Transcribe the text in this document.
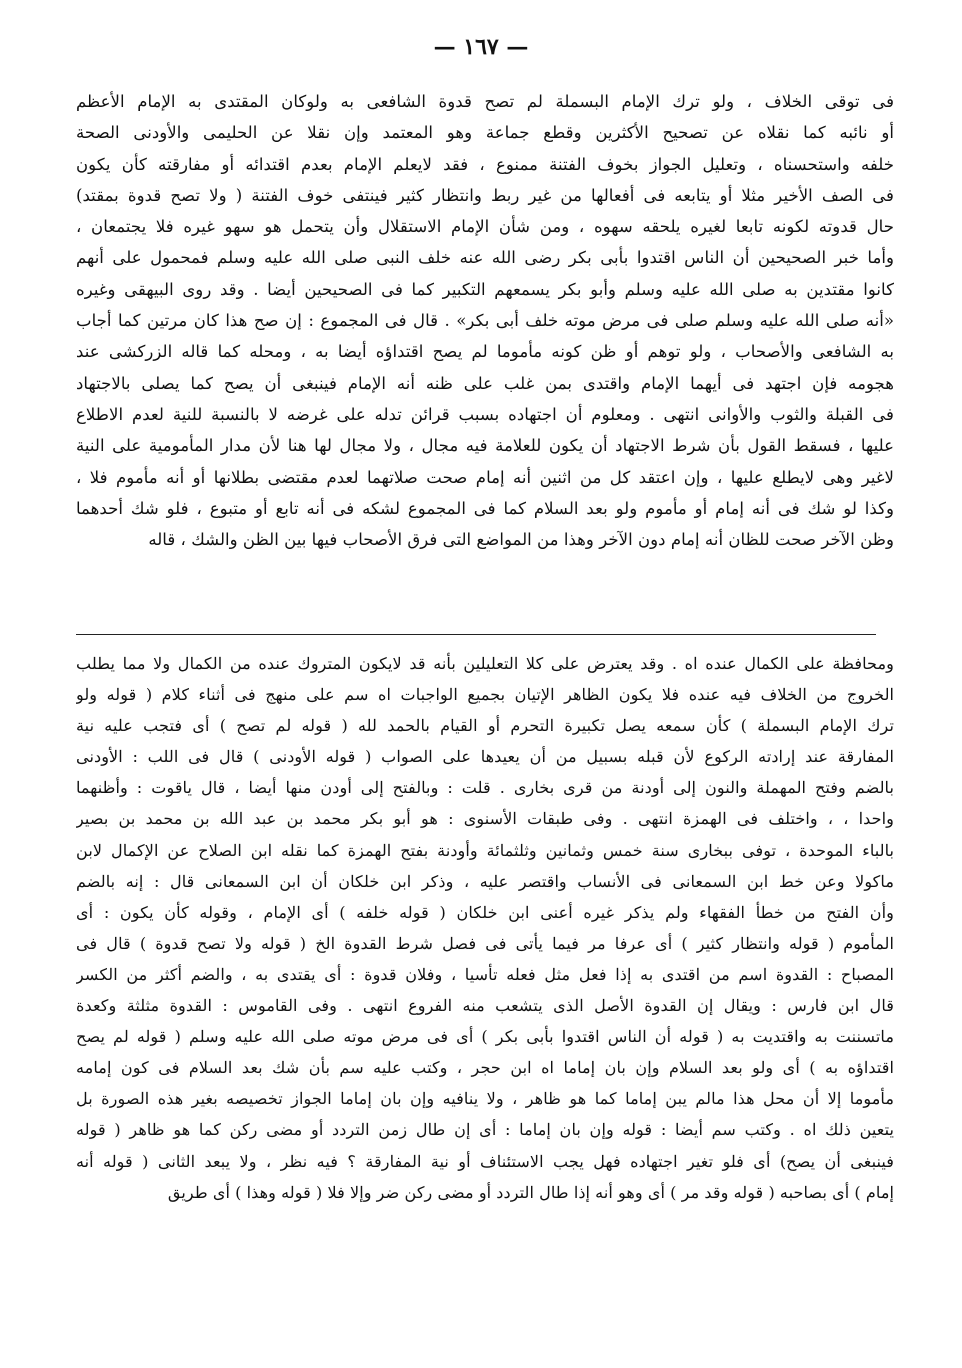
— ١٦٧ —
فى توقى الخلاف ، ولو ترك الإمام البسملة لم تصح قدوة الشافعى به ولوكان المقتدى به الإمام الأعظم
أو نائبه كما نقلاه عن تصحيح الأكثرين وقطع جماعة وهو المعتمد وإن نقلا عن الحليمى والأودنى الصحة
خلفه واستحسناه ، وتعليل الجواز بخوف الفتنة ممنوع ، فقد لايعلم الإمام بعدم اقتدائه أو مفارقته كأن يكون
فى الصف الأخير مثلا أو يتابعه فى أفعالها من غير ربط وانتظار كثير فينتفى خوف الفتنة ( ولا تصح قدوة بمقتد)
حال قدوته لكونه تابعا لغيره يلحقه سهوه ، ومن شأن الإمام الاستقلال وأن يتحمل هو سهو غيره فلا يجتمعان ،
وأما خبر الصحيحين أن الناس اقتدوا بأبى بكر رضى الله عنه خلف النبى صلى الله عليه وسلم فمحمول على أنهم
كانوا مقتدين به صلى الله عليه وسلم وأبو بكر يسمعهم التكبير كما فى الصحيحين أيضا . وقد روى البيهقى وغيره
«أنه صلى الله عليه وسلم صلى فى مرض موته خلف أبى بكر» . قال فى المجموع : إن صح هذا كان مرتين كما أجاب
به الشافعى والأصحاب ، ولو توهم أو ظن كونه مأموما لم يصح اقتداؤه أيضا به ، ومحله كما قاله الزركشى عند
هجومه فإن اجتهد فى أيهما الإمام واقتدى بمن غلب على ظنه أنه الإمام فينبغى أن يصح كما يصلى بالاجتهاد
فى القبلة والثوب والأوانى انتهى . ومعلوم أن اجتهاده بسبب قرائن تدله على غرضه لا بالنسبة للنية لعدم الاطلاع
عليها ، فسقط القول بأن شرط الاجتهاد أن يكون للعلامة فيه مجال ، ولا مجال لها هنا لأن مدار المأمومية على النية
لاغير وهى لايطلع عليها ، وإن اعتقد كل من اثنين أنه إمام صحت صلاتهما لعدم مقتضى بطلانها أو أنه مأموم فلا ،
وكذا لو شك فى أنه إمام أو مأموم ولو بعد السلام كما فى المجموع لشكه فى أنه تابع أو متبوع ، فلو شك أحدهما
وظن الآخر صحت للظان أنه إمام دون الآخر وهذا من المواضع التى فرق الأصحاب فيها بين الظن والشك ، قاله
ومحافظة على الكمال عنده اه . وقد يعترض على كلا التعليلين بأنه قد لايكون المتروك عنده من الكمال ولا مما يطلب
الخروج من الخلاف فيه عنده فلا يكون الظاهر الإتيان بجميع الواجبات اه سم على منهج فى أثناء كلام ( قوله ولو
ترك الإمام البسملة ) كأن سمعه يصل تكبيرة التحرم أو القيام بالحمد لله ( قوله لم تصح ) أى فتجب عليه نية
المفارقة عند إرادته الركوع لأن قبله بسبيل من أن يعيدها على الصواب ( قوله الأودنى ) قال فى اللب : الأودنى
بالضم وفتح المهملة والنون إلى أودنة من قرى بخارى . قلت : وبالفتح إلى أودن منها أيضا ، قال ياقوت : وأظنهما
واحدا ، ، واختلف فى الهمزة انتهى . وفى طبقات الأسنوى : هو أبو بكر محمد بن عبد الله بن محمد بن بصير
بالباء الموحدة ، توفى ببخارى سنة خمس وثمانين وثلثمائة وأودنة بفتح الهمزة كما نقله ابن الصلاح عن الإكمال لابن
ماكولا وعن خط ابن السمعانى فى الأنساب واقتصر عليه ، وذكر ابن خلكان أن ابن السمعانى قال : إنه بالضم
وأن الفتح من خطأ الفقهاء ولم يذكر غيره أعنى ابن خلكان ( قوله خلفه ) أى الإمام ، وقوله كأن يكون : أى
المأموم ( قوله وانتظار كثير ) أى عرفا مر فيما يأتى فى فصل شرط القدوة الخ ( قوله ولا تصح قدوة ) قال فى
المصباح : القدوة اسم من اقتدى به إذا فعل مثل فعله تأسيا ، وفلان قدوة : أى يقتدى به ، والضم أكثر من الكسر
قال ابن فارس : ويقال إن القدوة الأصل الذى يتشعب منه الفروع انتهى . وفى القاموس : القدوة مثلثة وكعدة
ماتسننت به واقتديت به ( قوله أن الناس اقتدوا بأبى بكر ) أى فى مرض موته صلى الله عليه وسلم ( قوله لم يصح
اقتداؤه به ) أى ولو بعد السلام وإن بان إماما اه ابن حجر ، وكتب عليه سم بأن شك بعد السلام فى كون إمامه
مأموما إلا أن محل هذا مالم يبن إماما كما هو ظاهر ، ولا ينافيه وإن بان إماما الجواز تخصيصه بغير هذه الصورة بل
يتعين ذلك اه . وكتب سم أيضا : قوله وإن بان إماما : أى إن طال زمن التردد أو مضى ركن كما هو ظاهر ( قوله
فينبغى أن يصح) أى فلو تغير اجتهاده فهل يجب الاستئناف أو نية المفارقة ؟ فيه نظر ، ولا يبعد الثانى ( قوله أنه
إمام ) أى بصاحبه ( قوله وقد مر ) أى وهو أنه إذا طال التردد أو مضى ركن ضر وإلا فلا ( قوله وهذا ) أى طريق
